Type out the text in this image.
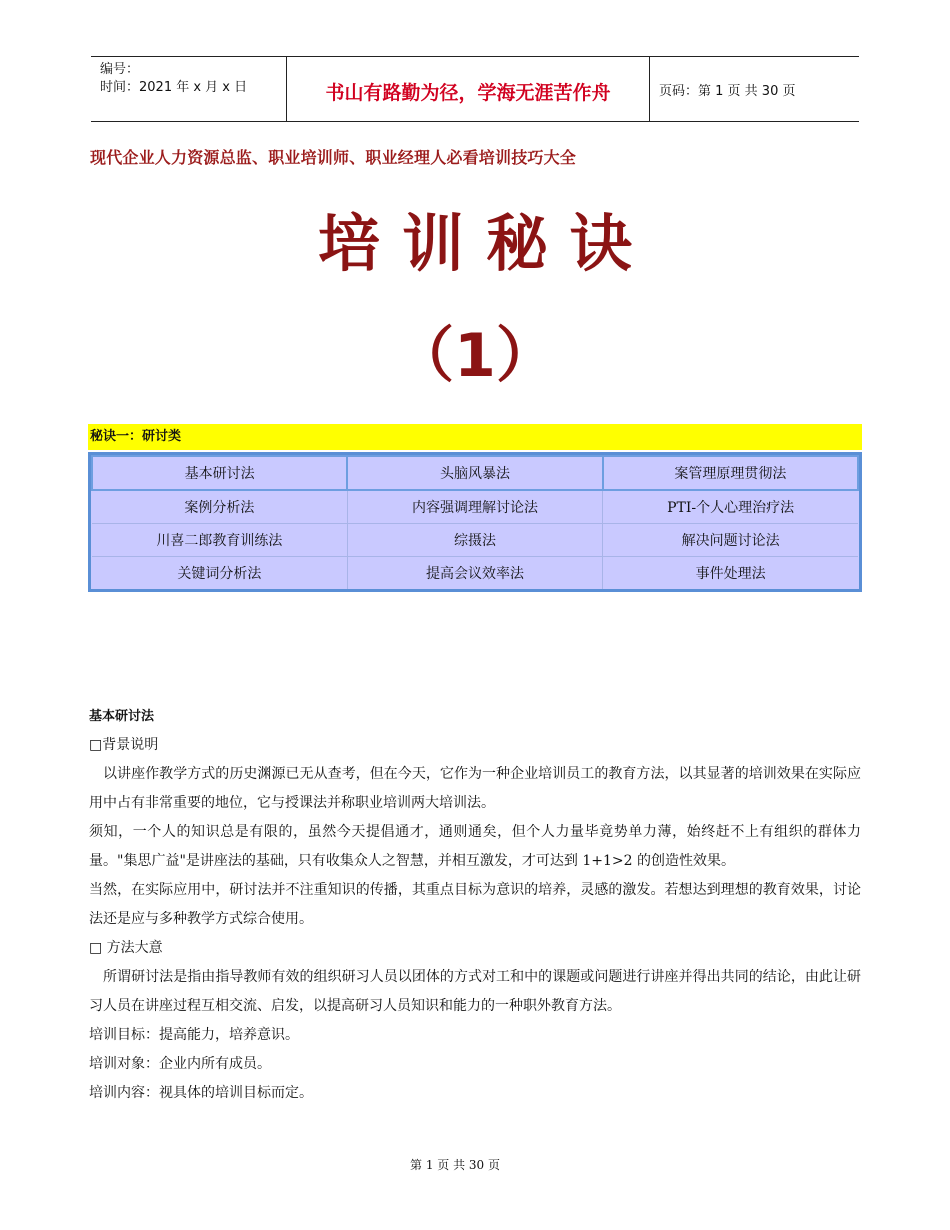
编号：
时间：2021 年 x 月 x 日	书山有路勤为径，学海无涯苦作舟	页码：第 1 页 共 30 页
现代企业人力资源总监、职业培训师、职业经理人必看培训技巧大全
培训秘诀
（1）
秘诀一：研讨类
基本研讨法	头脑风暴法	案管理原理贯彻法
案例分析法	内容强调理解讨论法	PTI-个人心理治疗法
川喜二郎教育训练法	综摄法	解决问题讨论法
关键词分析法	提高会议效率法	事件处理法
基本研讨法

□背景说明

以讲座作教学方式的历史渊源已无从查考，但在今天，它作为一种企业培训员工的教育方法，以其显著的培训效果在实际应用中占有非常重要的地位，它与授课法并称职业培训两大培训法。

须知，一个人的知识总是有限的，虽然今天提倡通才，通则通矣，但个人力量毕竟势单力薄，始终赶不上有组织的群体力量。"集思广益"是讲座法的基础，只有收集众人之智慧，并相互激发，才可达到 1+1>2 的创造性效果。

当然，在实际应用中，研讨法并不注重知识的传播，其重点目标为意识的培养，灵感的激发。若想达到理想的教育效果，讨论法还是应与多种教学方式综合使用。

□ 方法大意

所谓研讨法是指由指导教师有效的组织研习人员以团体的方式对工和中的课题或问题进行讲座并得出共同的结论，由此让研习人员在讲座过程互相交流、启发，以提高研习人员知识和能力的一种职外教育方法。

培训目标：提高能力，培养意识。

培训对象：企业内所有成员。

培训内容：视具体的培训目标而定。

第 1 页 共 30 页
